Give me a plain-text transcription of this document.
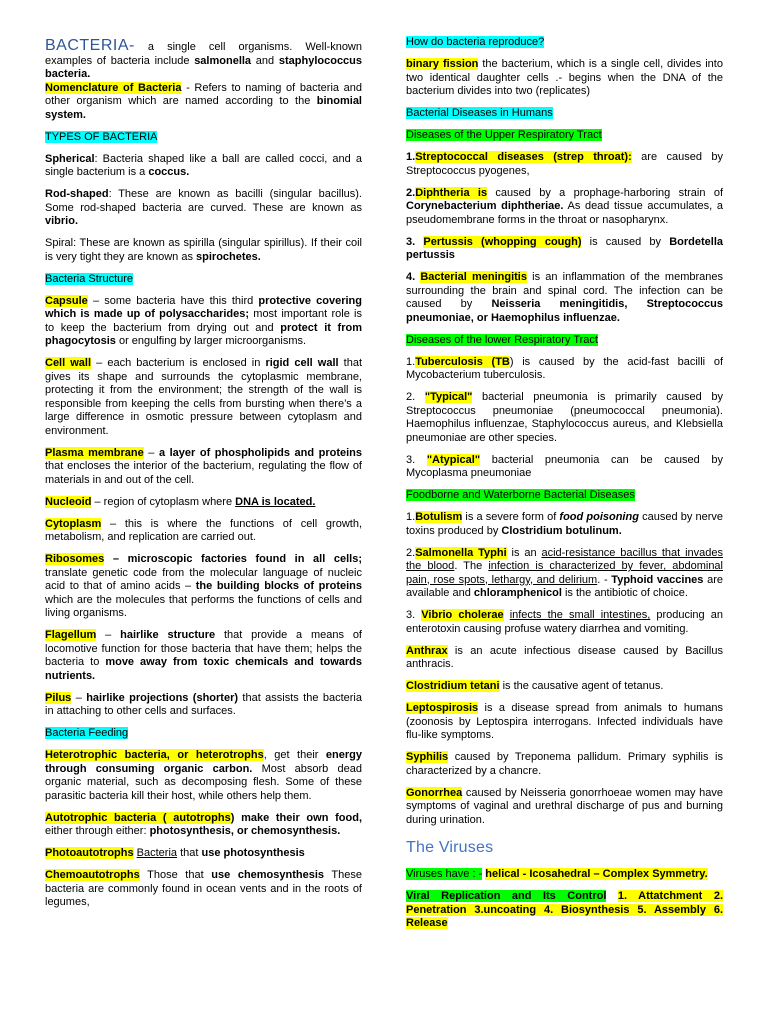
BACTERIA- a single cell organisms. Well-known examples of bacteria include salmonella and staphylococcus bacteria.

Nomenclature of Bacteria - Refers to naming of bacteria and other organism which are named according to the binomial system.

TYPES OF BACTERIA

Spherical: Bacteria shaped like a ball are called cocci, and a single bacterium is a coccus.

Rod-shaped: These are known as bacilli (singular bacillus). Some rod-shaped bacteria are curved. These are known as vibrio.

Spiral: These are known as spirilla (singular spirillus). If their coil is very tight they are known as spirochetes.

Bacteria Structure

Capsule – some bacteria have this third protective covering which is made up of polysaccharides; most important role is to keep the bacterium from drying out and protect it from phagocytosis or engulfing by larger microorganisms.

Cell wall – each bacterium is enclosed in rigid cell wall that gives its shape and surrounds the cytoplasmic membrane, protecting it from the environment; the strength of the wall is responsible from keeping the cells from bursting when there’s a large difference in osmotic pressure between cytoplasm and environment.

Plasma membrane – a layer of phospholipids and proteins that encloses the interior of the bacterium, regulating the flow of materials in and out of the cell.

Nucleoid – region of cytoplasm where DNA is located.

Cytoplasm – this is where the functions of cell growth, metabolism, and replication are carried out.

Ribosomes – microscopic factories found in all cells; translate genetic code from the molecular language of nucleic acid to that of amino acids – the building blocks of proteins which are the molecules that performs the functions of cells and living organisms.

Flagellum – hairlike structure that provide a means of locomotive function for those bacteria that have them; helps the bacteria to move away from toxic chemicals and towards nutrients.

Pilus – hairlike projections (shorter) that assists the bacteria in attaching to other cells and surfaces.

Bacteria Feeding

Heterotrophic bacteria, or heterotrophs, get their energy through consuming organic carbon. Most absorb dead organic material, such as decomposing flesh. Some of these parasitic bacteria kill their host, while others help them.

Autotrophic bacteria ( autotrophs) make their own food, either through either: photosynthesis, or chemosynthesis.

Photoautotrophs Bacteria that use photosynthesis

Chemoautotrophs Those that use chemosynthesis These bacteria are commonly found in ocean vents and in the roots of legumes,

How do bacteria reproduce?

binary fission the bacterium, which is a single cell, divides into two identical daughter cells .- begins when the DNA of the bacterium divides into two (replicates)

Bacterial Diseases in Humans

Diseases of the Upper Respiratory Tract

1.Streptococcal diseases (strep throat): are caused by Streptococcus pyogenes,

2.Diphtheria is caused by a prophage-harboring strain of Corynebacterium diphtheriae. As dead tissue accumulates, a pseudomembrane forms in the throat or nasopharynx.

3. Pertussis (whopping cough) is caused by Bordetella pertussis

4. Bacterial meningitis is an inflammation of the membranes surrounding the brain and spinal cord. The infection can be caused by Neisseria meningitidis, Streptococcus pneumoniae, or Haemophilus influenzae.

Diseases of the lower Respiratory Tract

1.Tuberculosis (TB) is caused by the acid-fast bacilli of Mycobacterium tuberculosis.

2. "Typical" bacterial pneumonia is primarily caused by Streptococcus pneumoniae (pneumococcal pneumonia). Haemophilus influenzae, Staphylococcus aureus, and Klebsiella pneumoniae are other species.

3. "Atypical" bacterial pneumonia can be caused by Mycoplasma pneumoniae

Foodborne and Waterborne Bacterial Diseases

1.Botulism is a severe form of food poisoning caused by nerve toxins produced by Clostridium botulinum.

2.Salmonella Typhi is an acid-resistance bacillus that invades the blood. The infection is characterized by fever, abdominal pain, rose spots, lethargy, and delirium. - Typhoid vaccines are available and chloramphenicol is the antibiotic of choice.

3. Vibrio cholerae infects the small intestines, producing an enterotoxin causing profuse watery diarrhea and vomiting.

Anthrax is an acute infectious disease caused by Bacillus anthracis.

Clostridium tetani is the causative agent of tetanus.

Leptospirosis is a disease spread from animals to humans (zoonosis by Leptospira interrogans. Infected individuals have flu-like symptoms.

Syphilis caused by Treponema pallidum. Primary syphilis is characterized by a chancre.

Gonorrhea caused by Neisseria gonorrhoeae women may have symptoms of vaginal and urethral discharge of pus and burning during urination.

The Viruses

Viruses have : - helical - Icosahedral – Complex Symmetry.

Viral Replication and Its Control 1. Attatchment 2. Penetration 3.uncoating 4. Biosynthesis 5. Assembly 6. Release
